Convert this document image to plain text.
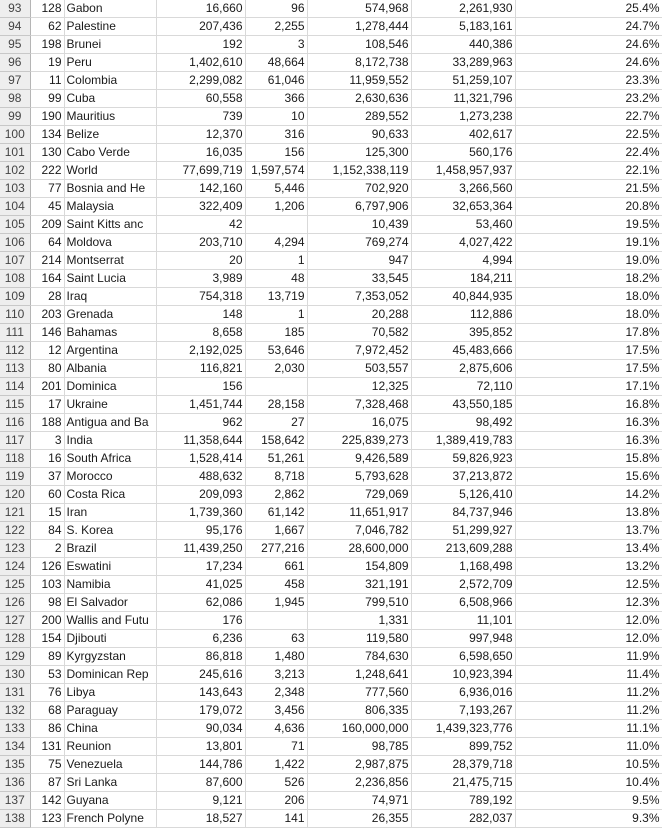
93	128	Gabon	16,660	96	574,968	2,261,930	25.4%
94	62	Palestine	207,436	2,255	1,278,444	5,183,161	24.7%
95	198	Brunei	192	3	108,546	440,386	24.6%
96	19	Peru	1,402,610	48,664	8,172,738	33,289,963	24.6%
97	11	Colombia	2,299,082	61,046	11,959,552	51,259,107	23.3%
98	99	Cuba	60,558	366	2,630,636	11,321,796	23.2%
99	190	Mauritius	739	10	289,552	1,273,238	22.7%
100	134	Belize	12,370	316	90,633	402,617	22.5%
101	130	Cabo Verde	16,035	156	125,300	560,176	22.4%
102	222	World	77,699,719	1,597,574	1,152,338,119	1,458,957,937	22.1%
103	77	Bosnia and He	142,160	5,446	702,920	3,266,560	21.5%
104	45	Malaysia	322,409	1,206	6,797,906	32,653,364	20.8%
105	209	Saint Kitts anc	42		10,439	53,460	19.5%
106	64	Moldova	203,710	4,294	769,274	4,027,422	19.1%
107	214	Montserrat	20	1	947	4,994	19.0%
108	164	Saint Lucia	3,989	48	33,545	184,211	18.2%
109	28	Iraq	754,318	13,719	7,353,052	40,844,935	18.0%
110	203	Grenada	148	1	20,288	112,886	18.0%
111	146	Bahamas	8,658	185	70,582	395,852	17.8%
112	12	Argentina	2,192,025	53,646	7,972,452	45,483,666	17.5%
113	80	Albania	116,821	2,030	503,557	2,875,606	17.5%
114	201	Dominica	156		12,325	72,110	17.1%
115	17	Ukraine	1,451,744	28,158	7,328,468	43,550,185	16.8%
116	188	Antigua and Ba	962	27	16,075	98,492	16.3%
117	3	India	11,358,644	158,642	225,839,273	1,389,419,783	16.3%
118	16	South Africa	1,528,414	51,261	9,426,589	59,826,923	15.8%
119	37	Morocco	488,632	8,718	5,793,628	37,213,872	15.6%
120	60	Costa Rica	209,093	2,862	729,069	5,126,410	14.2%
121	15	Iran	1,739,360	61,142	11,651,917	84,737,946	13.8%
122	84	S. Korea	95,176	1,667	7,046,782	51,299,927	13.7%
123	2	Brazil	11,439,250	277,216	28,600,000	213,609,288	13.4%
124	126	Eswatini	17,234	661	154,809	1,168,498	13.2%
125	103	Namibia	41,025	458	321,191	2,572,709	12.5%
126	98	El Salvador	62,086	1,945	799,510	6,508,966	12.3%
127	200	Wallis and Futu	176		1,331	11,101	12.0%
128	154	Djibouti	6,236	63	119,580	997,948	12.0%
129	89	Kyrgyzstan	86,818	1,480	784,630	6,598,650	11.9%
130	53	Dominican Rep	245,616	3,213	1,248,641	10,923,394	11.4%
131	76	Libya	143,643	2,348	777,560	6,936,016	11.2%
132	68	Paraguay	179,072	3,456	806,335	7,193,267	11.2%
133	86	China	90,034	4,636	160,000,000	1,439,323,776	11.1%
134	131	Reunion	13,801	71	98,785	899,752	11.0%
135	75	Venezuela	144,786	1,422	2,987,875	28,379,718	10.5%
136	87	Sri Lanka	87,600	526	2,236,856	21,475,715	10.4%
137	142	Guyana	9,121	206	74,971	789,192	9.5%
138	123	French Polyne	18,527	141	26,355	282,037	9.3%
